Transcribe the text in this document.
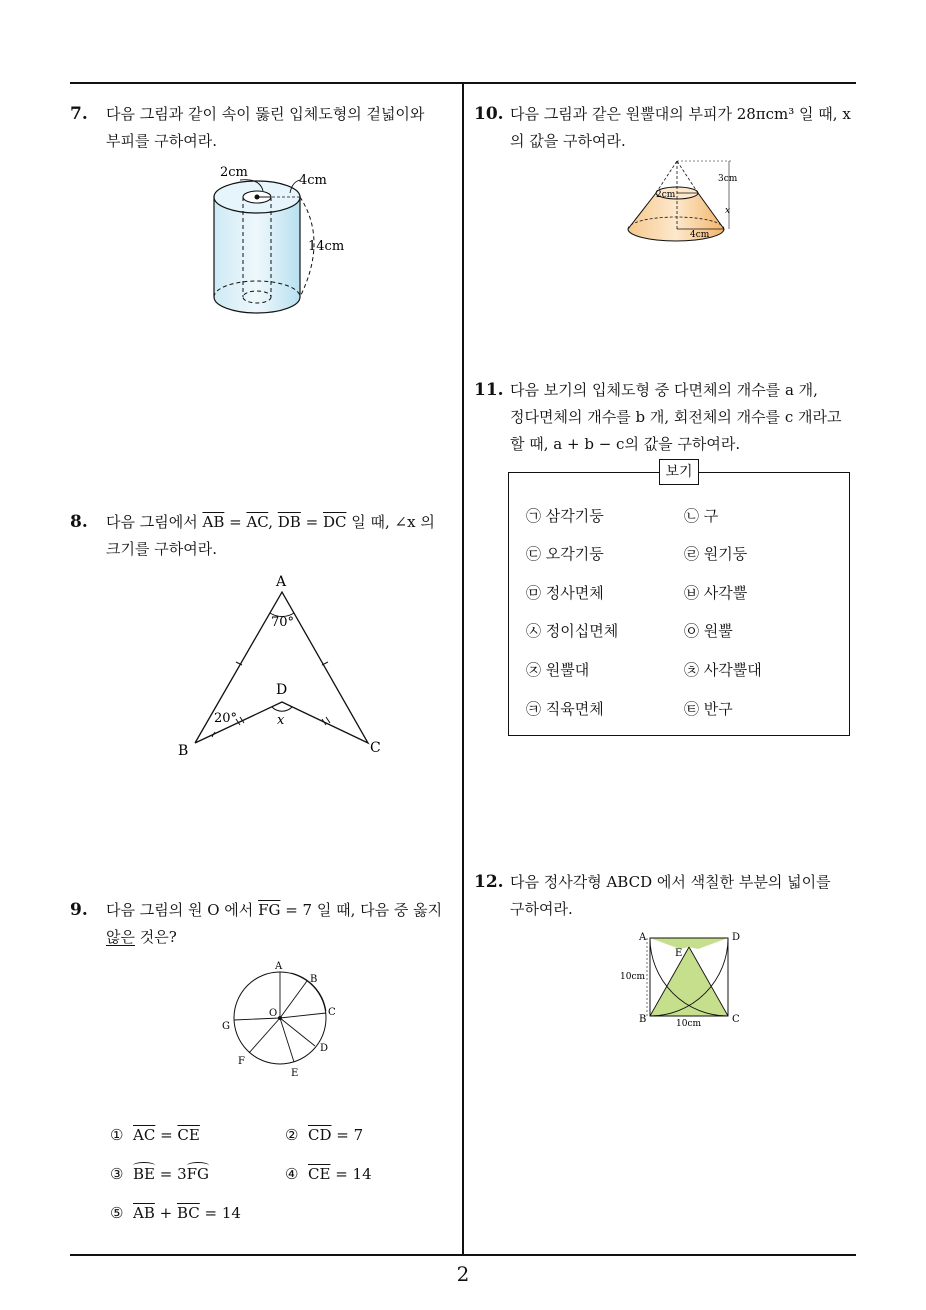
2
7. 다음 그림과 같이 속이 뚫린 입체도형의 겉넓이와
부피를 구하여라.
2cm
4cm
14cm
8. 다음 그림에서 $\overline{AB} = \overline{AC}$, $\overline{DB} = \overline{DC}$ 일 때, ∠x 의
크기를 구하여라.
A
B	C
D
70°
20°	x
9. 다음 그림의 원 O 에서 $\overline{FG} = 7$ 일 때, 다음 중 옳지
않은 것은?
A
B
C
D
E
F
G
O
① $\overline{AC} = \overline{CE}$	② $\overline{CD} = 7$
③ BE = 3FG	④ $\overline{CE} = 14$
⑤ $\overline{AB} + \overline{BC} = 14$
10. 다음 그림과 같은 원뿔대의 부피가 28πcm³ 일 때, x
의 값을 구하여라.
2cm
4cm
3cm
x
11. 다음 보기의 입체도형 중 다면체의 개수를 a 개,
정다면체의 개수를 b 개, 회전체의 개수를 c 개라고
할 때, a + b − c의 값을 구하여라.
보기
㉠ 삼각기둥	㉡ 구
㉢ 오각기둥	㉣ 원기둥
㉤ 정사면체	㉥ 사각뿔
㉦ 정이십면체	㉧ 원뿔
㉨ 원뿔대	㉩ 사각뿔대
㉪ 직육면체	㉫ 반구
12. 다음 정사각형 ABCD 에서 색칠한 부분의 넓이를
구하여라.
A	D
B	C
E
10cm
10cm
